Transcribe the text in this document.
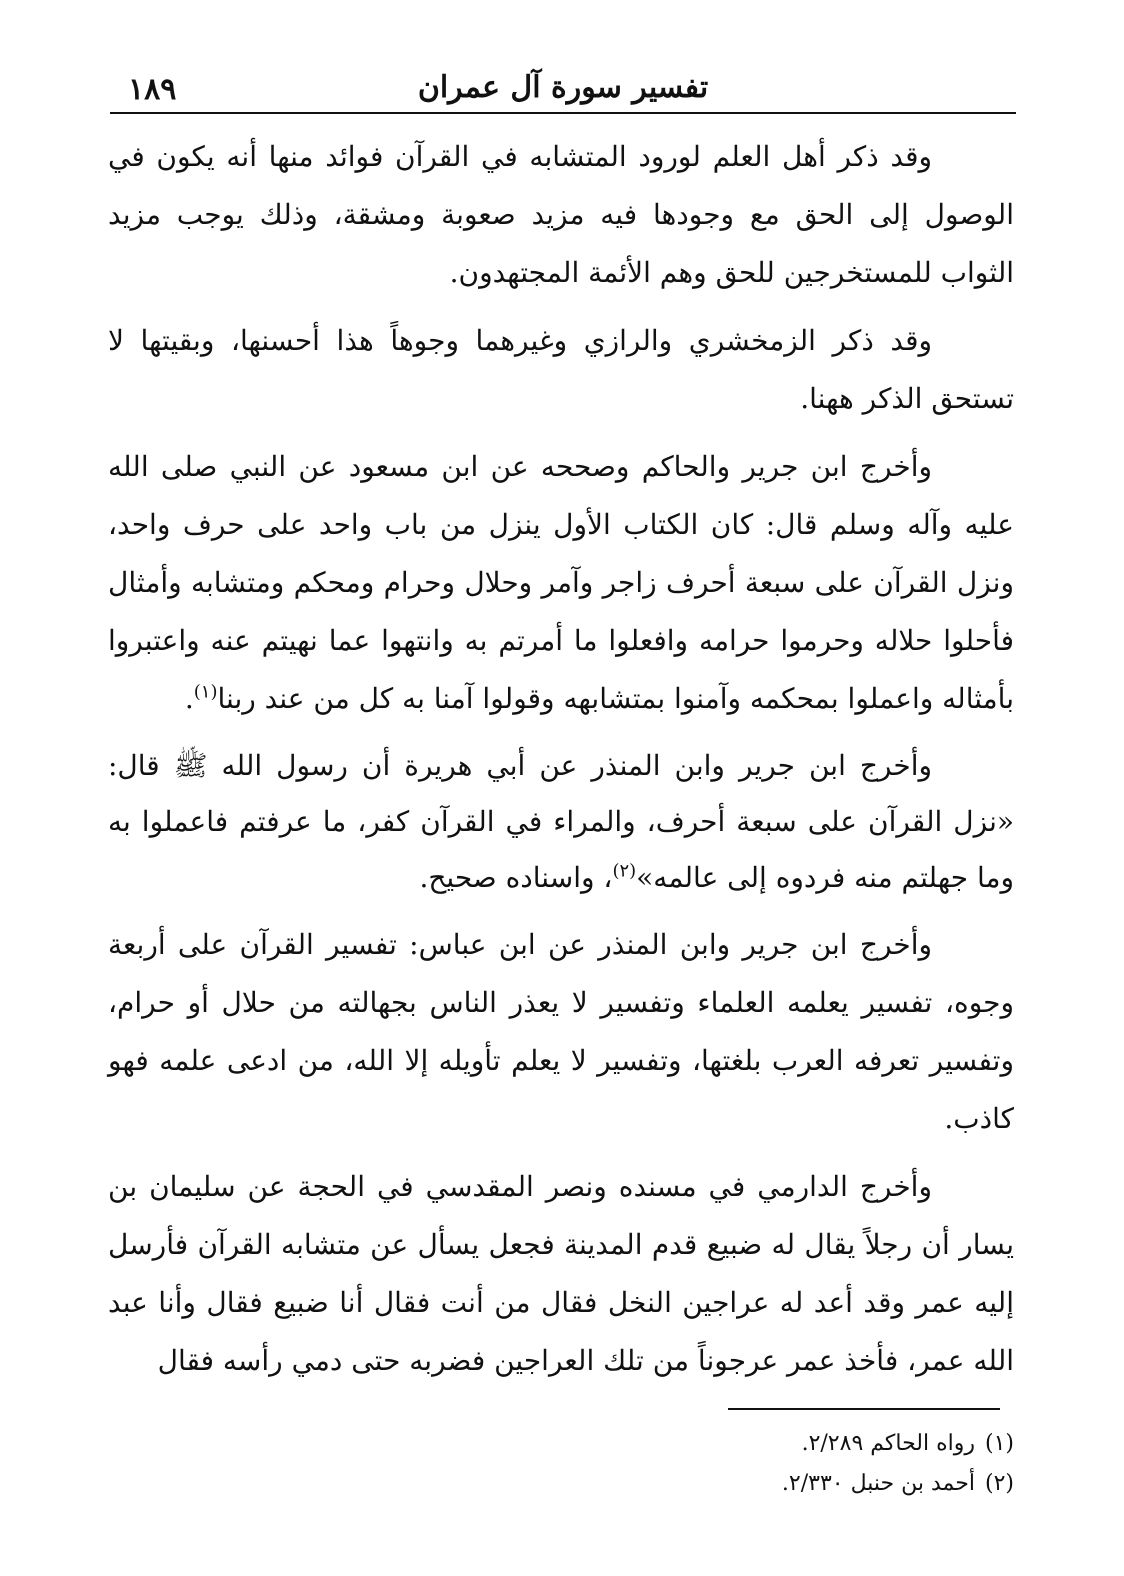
١٨٩	تفسير سورة آل عمران

وقد ذكر أهل العلم لورود المتشابه في القرآن فوائد منها أنه يكون في الوصول إلى الحق مع وجودها فيه مزيد صعوبة ومشقة، وذلك يوجب مزيد الثواب للمستخرجين للحق وهم الأئمة المجتهدون.

وقد ذكر الزمخشري والرازي وغيرهما وجوهاً هذا أحسنها، وبقيتها لا تستحق الذكر ههنا.

وأخرج ابن جرير والحاكم وصححه عن ابن مسعود عن النبي صلى الله عليه وآله وسلم قال: كان الكتاب الأول ينزل من باب واحد على حرف واحد، ونزل القرآن على سبعة أحرف زاجر وآمر وحلال وحرام ومحكم ومتشابه وأمثال فأحلوا حلاله وحرموا حرامه وافعلوا ما أمرتم به وانتهوا عما نهيتم عنه واعتبروا بأمثاله واعملوا بمحكمه وآمنوا بمتشابهه وقولوا آمنا به كل من عند ربنا$^{(١)}$.

وأخرج ابن جرير وابن المنذر عن أبي هريرة أن رسول الله ﷺ قال: «نزل القرآن على سبعة أحرف، والمراء في القرآن كفر، ما عرفتم فاعملوا به وما جهلتم منه فردوه إلى عالمه»$^{(٢)}$، واسناده صحيح.

وأخرج ابن جرير وابن المنذر عن ابن عباس: تفسير القرآن على أربعة وجوه، تفسير يعلمه العلماء وتفسير لا يعذر الناس بجهالته من حلال أو حرام، وتفسير تعرفه العرب بلغتها، وتفسير لا يعلم تأويله إلا الله، من ادعى علمه فهو كاذب.

وأخرج الدارمي في مسنده ونصر المقدسي في الحجة عن سليمان بن يسار أن رجلاً يقال له ضبيع قدم المدينة فجعل يسأل عن متشابه القرآن فأرسل إليه عمر وقد أعد له عراجين النخل فقال من أنت فقال أنا ضبيع فقال وأنا عبد الله عمر، فأخذ عمر عرجوناً من تلك العراجين فضربه حتى دمي رأسه فقال

(١)رواه الحاكم ٢/٢٨٩.
(٢)أحمد بن حنبل ٢/٣٣٠.
